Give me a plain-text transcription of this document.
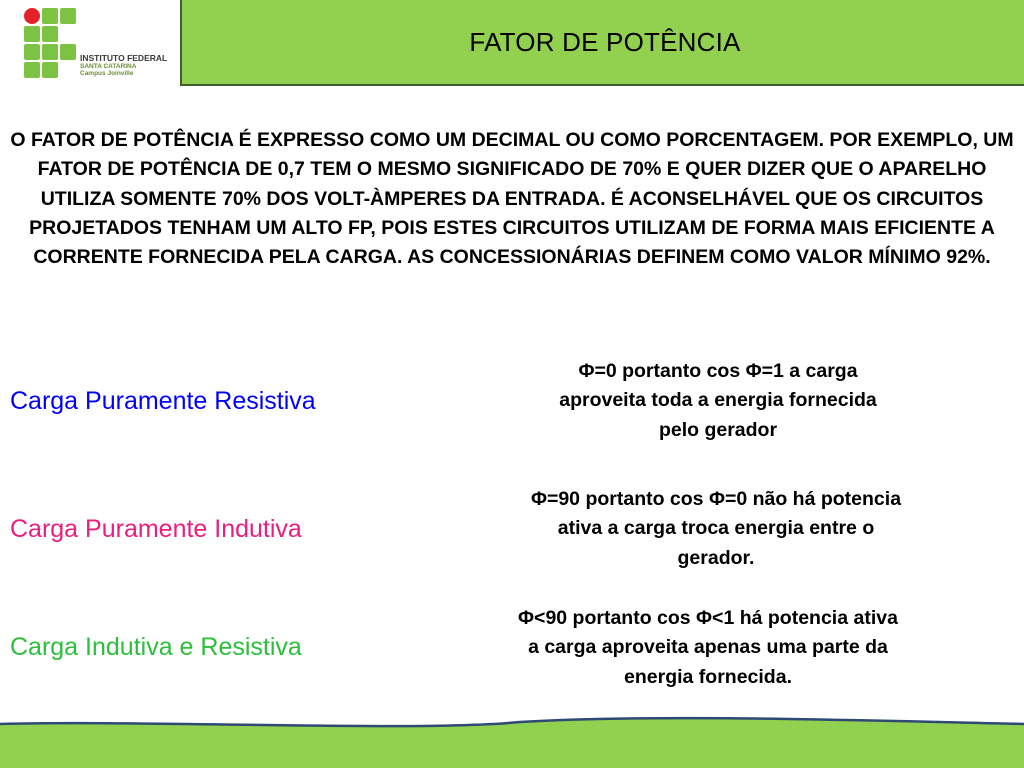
INSTITUTO FEDERAL
SANTA CATARINA
Campus Joinville
FATOR DE POTÊNCIA
O FATOR DE POTÊNCIA É EXPRESSO COMO UM DECIMAL OU COMO PORCENTAGEM. POR EXEMPLO, UM FATOR DE POTÊNCIA DE 0,7 TEM O MESMO SIGNIFICADO DE 70% E QUER DIZER QUE O APARELHO UTILIZA SOMENTE 70% DOS VOLT-ÀMPERES DA ENTRADA. É ACONSELHÁVEL QUE OS CIRCUITOS PROJETADOS TENHAM UM ALTO FP, POIS ESTES CIRCUITOS UTILIZAM DE FORMA MAIS EFICIENTE A CORRENTE FORNECIDA PELA CARGA. AS CONCESSIONÁRIAS DEFINEM COMO VALOR MÍNIMO 92%.
Carga Puramente Resistiva
Φ=0 portanto cos Φ=1 a carga
aproveita toda a energia fornecida
pelo gerador
Carga Puramente Indutiva
Φ=90 portanto cos Φ=0 não há potencia
ativa a carga troca energia entre o
gerador.
Carga Indutiva e Resistiva
Φ<90 portanto cos Φ<1 há potencia ativa
a carga aproveita apenas uma parte da
energia fornecida.
